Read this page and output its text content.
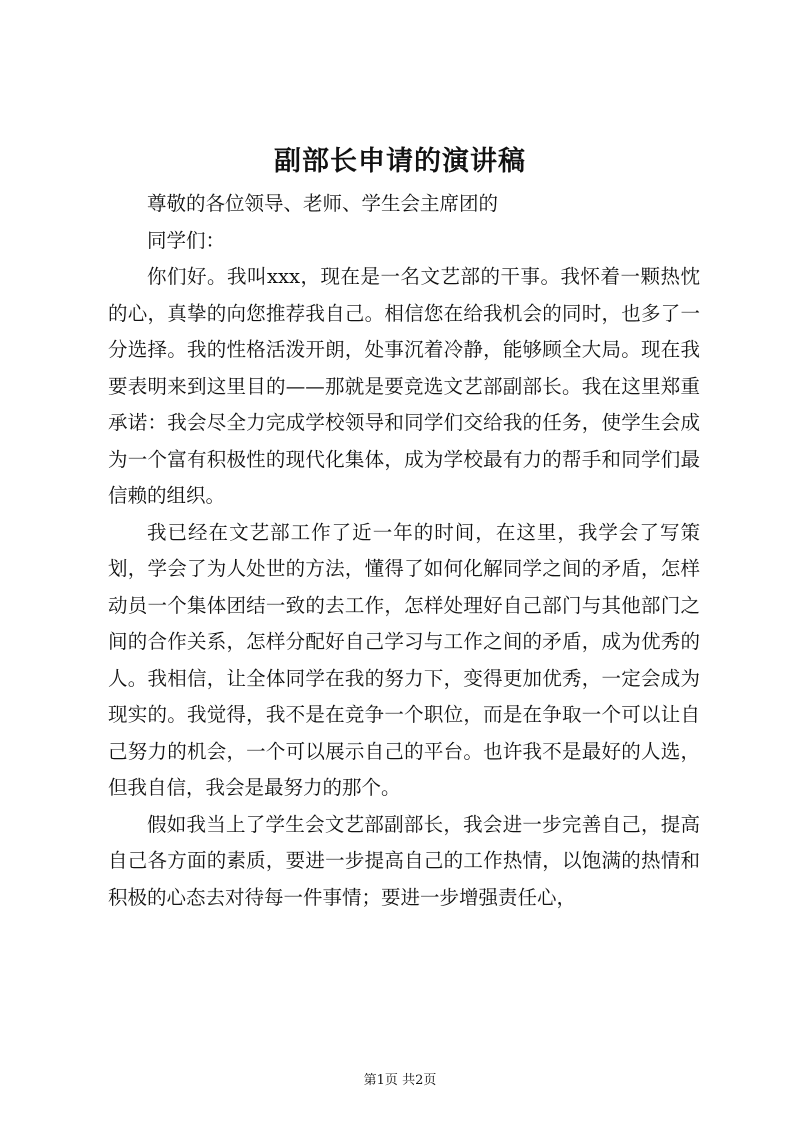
副部长申请的演讲稿

尊敬的各位领导、老师、学生会主席团的

同学们：

你们好。我叫xxx，现在是一名文艺部的干事。我怀着一颗热忱的心，真挚的向您推荐我自己。相信您在给我机会的同时，也多了一分选择。我的性格活泼开朗，处事沉着冷静，能够顾全大局。现在我要表明来到这里目的——那就是要竞选文艺部副部长。我在这里郑重承诺：我会尽全力完成学校领导和同学们交给我的任务，使学生会成为一个富有积极性的现代化集体，成为学校最有力的帮手和同学们最信赖的组织。

我已经在文艺部工作了近一年的时间，在这里，我学会了写策划，学会了为人处世的方法，懂得了如何化解同学之间的矛盾，怎样动员一个集体团结一致的去工作，怎样处理好自己部门与其他部门之间的合作关系，怎样分配好自己学习与工作之间的矛盾，成为优秀的人。我相信，让全体同学在我的努力下，变得更加优秀，一定会成为现实的。我觉得，我不是在竞争一个职位，而是在争取一个可以让自己努力的机会，一个可以展示自己的平台。也许我不是最好的人选，但我自信，我会是最努力的那个。

假如我当上了学生会文艺部副部长，我会进一步完善自己，提高自己各方面的素质，要进一步提高自己的工作热情，以饱满的热情和积极的心态去对待每一件事情；要进一步增强责任心，

第1页 共2页
